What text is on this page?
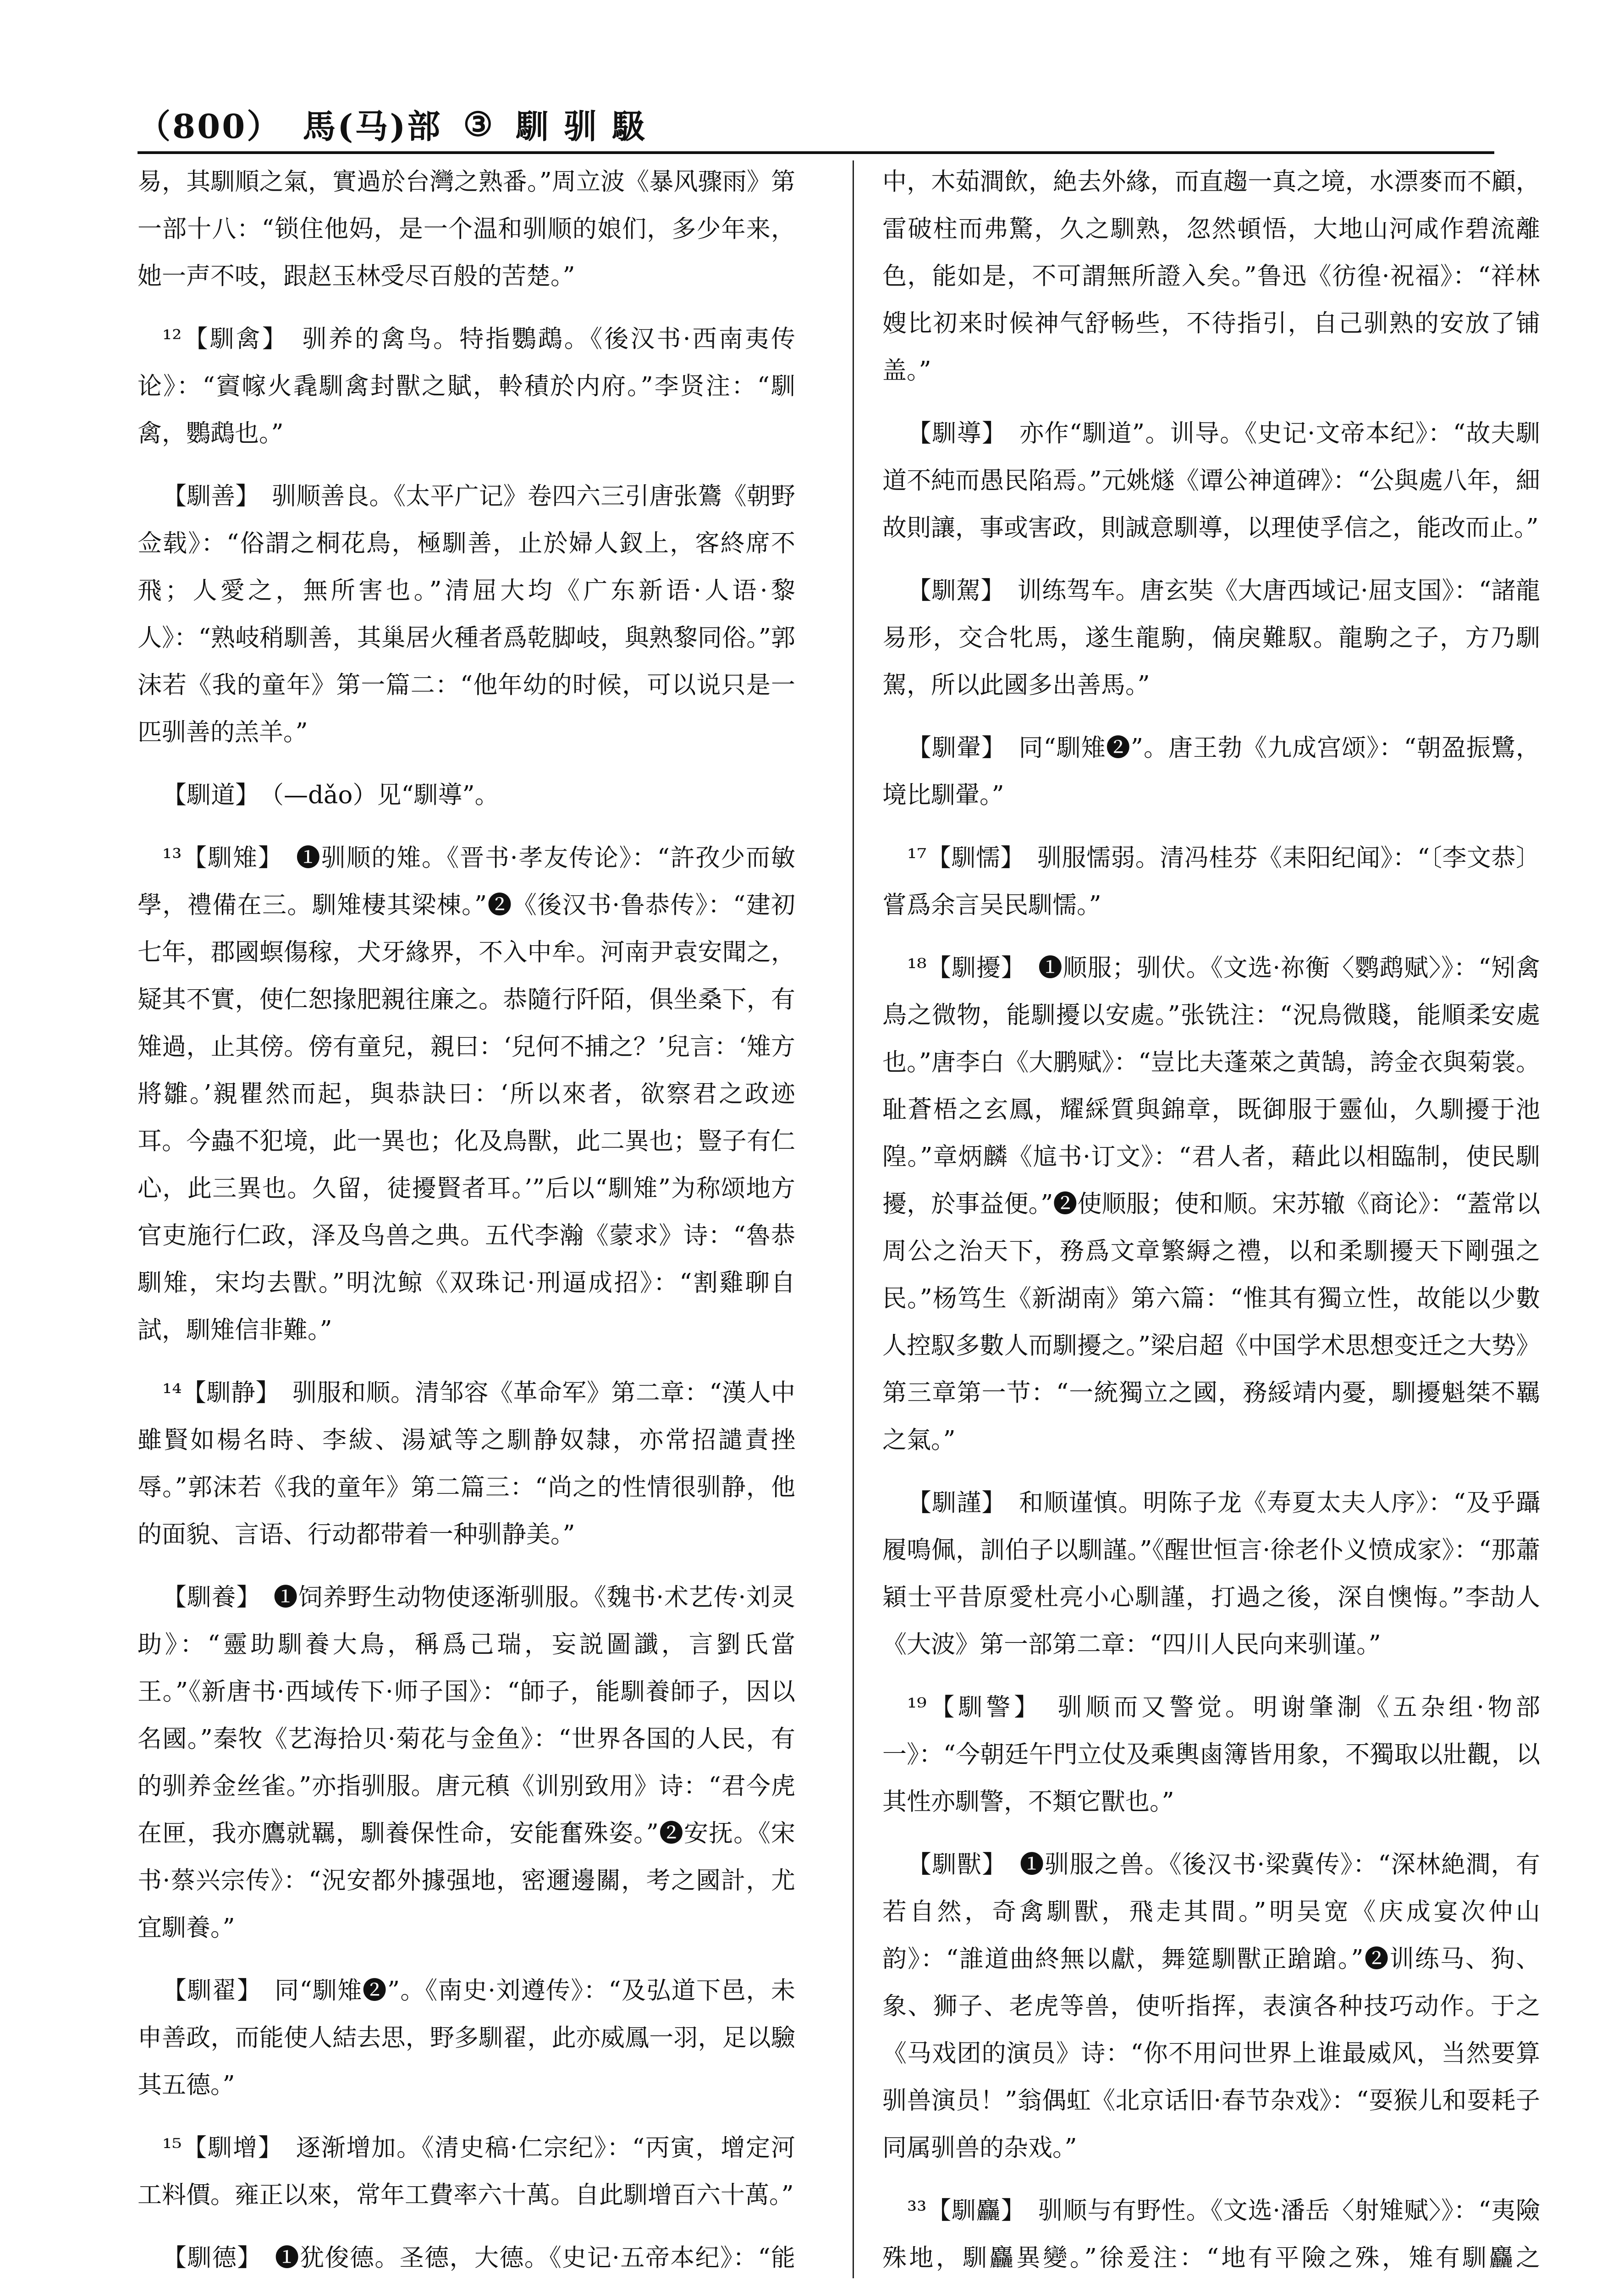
（800） 馬(马)部 ③ 馴 驯 馺

易，其馴順之氣，實過於台灣之熟番。”周立波《暴风骤雨》第一部十八：“锁住他妈，是一个温和驯顺的娘们，多少年来，她一声不吱，跟赵玉林受尽百般的苦楚。”

¹²【馴禽】　驯养的禽鸟。特指鸚鵡。《後汉书·西南夷传论》：“賨幏火毳馴禽封獸之賦，軨積於内府。”李贤注：“馴禽，鸚鵡也。”

【馴善】　驯顺善良。《太平广记》卷四六三引唐张鷟《朝野佥载》：“俗謂之桐花鳥，極馴善，止於婦人釵上，客終席不飛；人愛之，無所害也。”清屈大均《广东新语·人语·黎人》：“熟岐稍馴善，其巢居火種者爲乾脚岐，與熟黎同俗。”郭沫若《我的童年》第一篇二：“他年幼的时候，可以说只是一匹驯善的羔羊。”

【馴道】　（—dǎo）见“馴導”。

¹³【馴雉】　❶驯顺的雉。《晋书·孝友传论》：“許孜少而敏學，禮備在三。馴雉棲其梁棟。”❷《後汉书·鲁恭传》：“建初七年，郡國螟傷稼，犬牙緣界，不入中牟。河南尹袁安聞之，疑其不實，使仁恕掾肥親往廉之。恭隨行阡陌，俱坐桑下，有雉過，止其傍。傍有童兒，親曰：‘兒何不捕之？’兒言：‘雉方將雛。’親瞿然而起，與恭訣曰：‘所以來者，欲察君之政迹耳。今蟲不犯境，此一異也；化及鳥獸，此二異也；豎子有仁心，此三異也。久留，徒擾賢者耳。’”后以“馴雉”为称颂地方官吏施行仁政，泽及鸟兽之典。五代李瀚《蒙求》诗：“魯恭馴雉，宋均去獸。”明沈鲸《双珠记·刑逼成招》：“割雞聊自試，馴雉信非難。”

¹⁴【馴静】　驯服和顺。清邹容《革命军》第二章：“漢人中雖賢如楊名時、李紱、湯斌等之馴静奴隸，亦常招譴責挫辱。”郭沫若《我的童年》第二篇三：“尚之的性情很驯静，他的面貌、言语、行动都带着一种驯静美。”

【馴養】　❶饲养野生动物使逐渐驯服。《魏书·术艺传·刘灵助》：“靈助馴養大鳥，稱爲己瑞，妄説圖讖，言劉氏當王。”《新唐书·西域传下·师子国》：“師子，能馴養師子，因以名國。”秦牧《艺海拾贝·菊花与金鱼》：“世界各国的人民，有的驯养金丝雀。”亦指驯服。唐元稹《训别致用》诗：“君今虎在匣，我亦鷹就羈，馴養保性命，安能奮殊姿。”❷安抚。《宋书·蔡兴宗传》：“況安都外據强地，密邇邊關，考之國計，尤宜馴養。”

【馴翟】　同“馴雉❷”。《南史·刘遵传》：“及弘道下邑，未申善政，而能使人結去思，野多馴翟，此亦威鳳一羽，足以驗其五德。”

¹⁵【馴增】　逐渐增加。《清史稿·仁宗纪》：“丙寅，增定河工料價。雍正以來，常年工費率六十萬。自此馴增百六十萬。”

【馴德】　❶犹俊德。圣德，大德。《史记·五帝本纪》：“能

中，木茹澗飲，絶去外緣，而直趨一真之境，水漂麥而不顧，雷破柱而弗驚，久之馴熟，忽然頓悟，大地山河咸作碧流離色，能如是，不可謂無所證入矣。”鲁迅《彷徨·祝福》：“祥林嫂比初来时候神气舒畅些，不待指引，自己驯熟的安放了铺盖。”

【馴導】　亦作“馴道”。训导。《史记·文帝本纪》：“故夫馴道不純而愚民陷焉。”元姚燧《谭公神道碑》：“公與處八年，細故則讓，事或害政，則誠意馴導，以理使孚信之，能改而止。”

【馴駕】　训练驾车。唐玄奘《大唐西域记·屈支国》：“諸龍易形，交合牝馬，遂生龍駒，㑲戾難馭。龍駒之子，方乃馴駕，所以此國多出善馬。”

【馴翬】　同“馴雉❷”。唐王勃《九成宫颂》：“朝盈振鷺，境比馴翬。”

¹⁷【馴懦】　驯服懦弱。清冯桂芬《耒阳纪闻》：“〔李文恭〕嘗爲余言吴民馴懦。”

¹⁸【馴擾】　❶顺服；驯伏。《文选·祢衡〈鹦鹉赋〉》：“矧禽鳥之微物，能馴擾以安處。”张铣注：“況鳥微賤，能順柔安處也。”唐李白《大鹏赋》：“豈比夫蓬萊之黄鵠，誇金衣與菊裳。耻蒼梧之玄鳳，耀綵質與錦章，既御服于靈仙，久馴擾于池隍。”章炳麟《訄书·订文》：“君人者，藉此以相臨制，使民馴擾，於事益便。”❷使顺服；使和顺。宋苏辙《商论》：“蓋常以周公之治天下，務爲文章繁縟之禮，以和柔馴擾天下剛强之民。”杨笃生《新湖南》第六篇：“惟其有獨立性，故能以少數人控馭多數人而馴擾之。”梁启超《中国学术思想变迁之大势》第三章第一节：“一統獨立之國，務綏靖内憂，馴擾魁桀不羈之氣。”

【馴謹】　和顺谨慎。明陈子龙《寿夏太夫人序》：“及乎躡履鳴佩，訓伯子以馴謹。”《醒世恒言·徐老仆义愤成家》：“那蕭穎士平昔原愛杜亮小心馴謹，打過之後，深自懊悔。”李劼人《大波》第一部第二章：“四川人民向来驯谨。”

¹⁹【馴警】　驯顺而又警觉。明谢肇淛《五杂组·物部一》：“今朝廷午門立仗及乘輿鹵簿皆用象，不獨取以壯觀，以其性亦馴警，不類它獸也。”

【馴獸】　❶驯服之兽。《後汉书·梁冀传》：“深林絶澗，有若自然，奇禽馴獸，飛走其間。”明吴宽《庆成宴次仲山韵》：“誰道曲終無以獻，舞筵馴獸正蹌蹌。”❷训练马、狗、象、狮子、老虎等兽，使听指挥，表演各种技巧动作。于之《马戏团的演员》诗：“你不用问世界上谁最威风，当然要算驯兽演员！”翁偶虹《北京话旧·春节杂戏》：“耍猴儿和耍耗子同属驯兽的杂戏。”

³³【馴麤】　驯顺与有野性。《文选·潘岳〈射雉赋〉》：“夷險殊地，馴麤異變。”徐爰注：“地有平險之殊，雉有馴麤之
